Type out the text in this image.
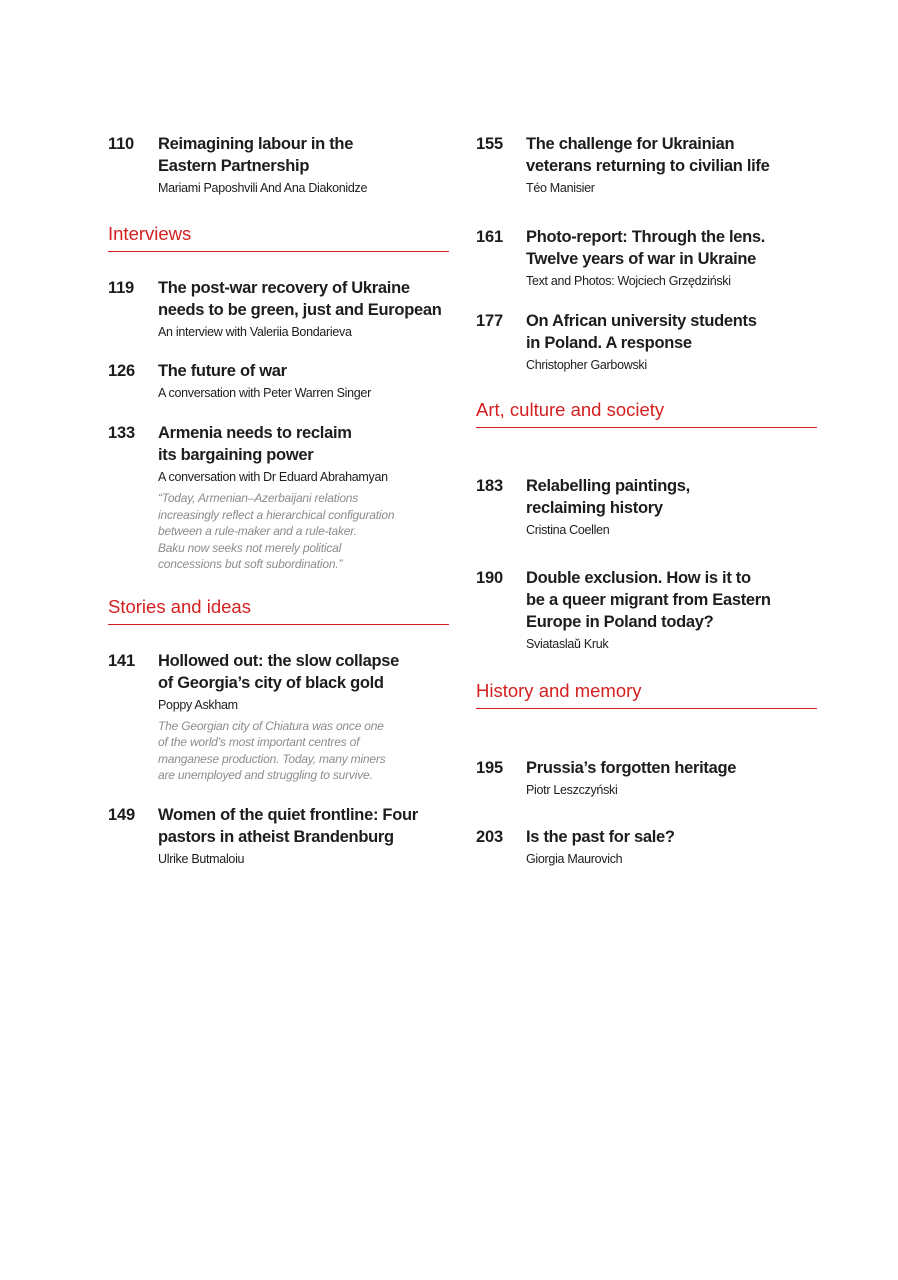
110	Reimagining labour in the
Eastern Partnership
Mariami Paposhvili And Ana Diakonidze
Interviews
119	The post-war recovery of Ukraine
needs to be green, just and European
An interview with Valeriia Bondarieva
126	The future of war
A conversation with Peter Warren Singer
133	Armenia needs to reclaim
its bargaining power
A conversation with Dr Eduard Abrahamyan
“Today, Armenian–Azerbaijani relations
increasingly reflect a hierarchical configuration
between a rule-maker and a rule-taker.
Baku now seeks not merely political
concessions but soft subordination.”
Stories and ideas
141	Hollowed out: the slow collapse
of Georgia’s city of black gold
Poppy Askham
The Georgian city of Chiatura was once one
of the world’s most important centres of
manganese production. Today, many miners
are unemployed and struggling to survive.
149	Women of the quiet frontline: Four
pastors in atheist Brandenburg
Ulrike Butmaloiu
155	The challenge for Ukrainian
veterans returning to civilian life
Téo Manisier
161	Photo-report: Through the lens.
Twelve years of war in Ukraine
Text and Photos: Wojciech Grzędziński
177	On African university students
in Poland. A response
Christopher Garbowski
Art, culture and society
183	Relabelling paintings,
reclaiming history
Cristina Coellen
190	Double exclusion. How is it to
be a queer migrant from Eastern
Europe in Poland today?
Sviataslaŭ Kruk
History and memory
195	Prussia’s forgotten heritage
Piotr Leszczyński
203	Is the past for sale?
Giorgia Maurovich
